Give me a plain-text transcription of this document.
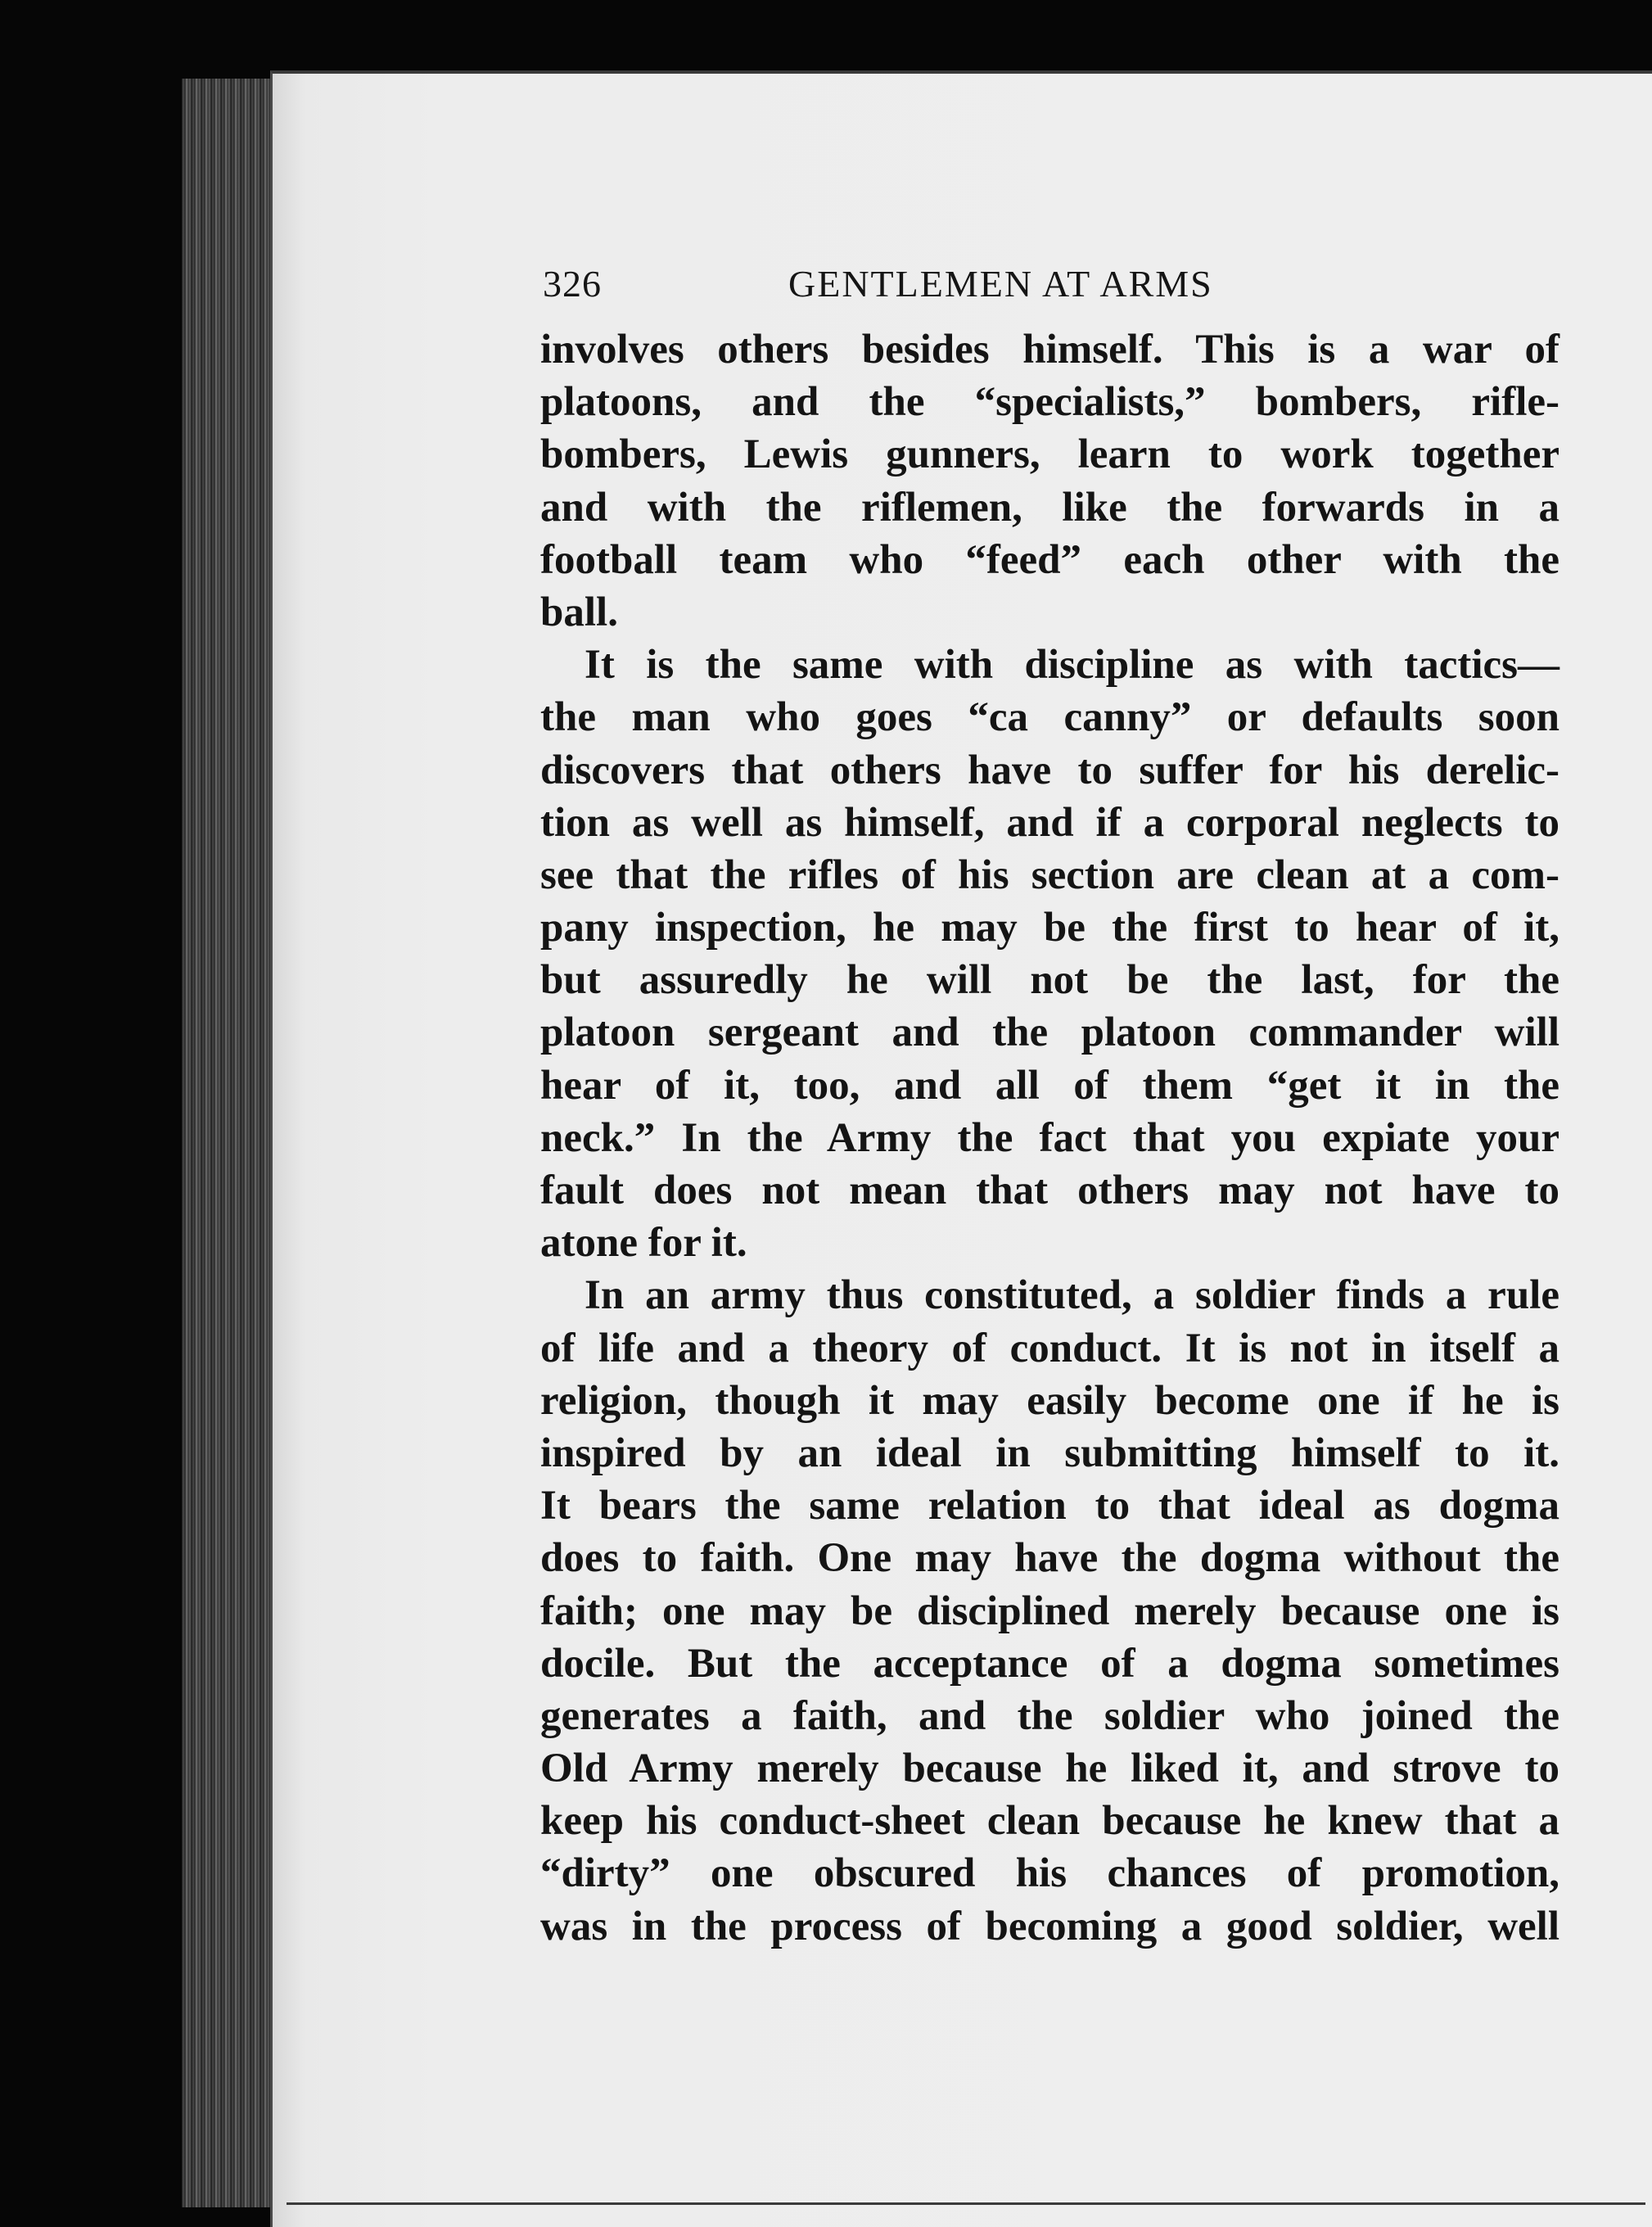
326	GENTLEMEN AT ARMS
involves others besides himself. This is a war of
platoons, and the “specialists,” bombers, rifle-
bombers, Lewis gunners, learn to work together
and with the riflemen, like the forwards in a
football team who “feed” each other with the
ball.
It is the same with discipline as with tactics—
the man who goes “ca canny” or defaults soon
discovers that others have to suffer for his derelic-
tion as well as himself, and if a corporal neglects to
see that the rifles of his section are clean at a com-
pany inspection, he may be the first to hear of it,
but assuredly he will not be the last, for the
platoon sergeant and the platoon commander will
hear of it, too, and all of them “get it in the
neck.” In the Army the fact that you expiate your
fault does not mean that others may not have to
atone for it.
In an army thus constituted, a soldier finds a rule
of life and a theory of conduct. It is not in itself a
religion, though it may easily become one if he is
inspired by an ideal in submitting himself to it.
It bears the same relation to that ideal as dogma
does to faith. One may have the dogma without the
faith; one may be disciplined merely because one is
docile. But the acceptance of a dogma sometimes
generates a faith, and the soldier who joined the
Old Army merely because he liked it, and strove to
keep his conduct-sheet clean because he knew that a
“dirty” one obscured his chances of promotion,
was in the process of becoming a good soldier, well
